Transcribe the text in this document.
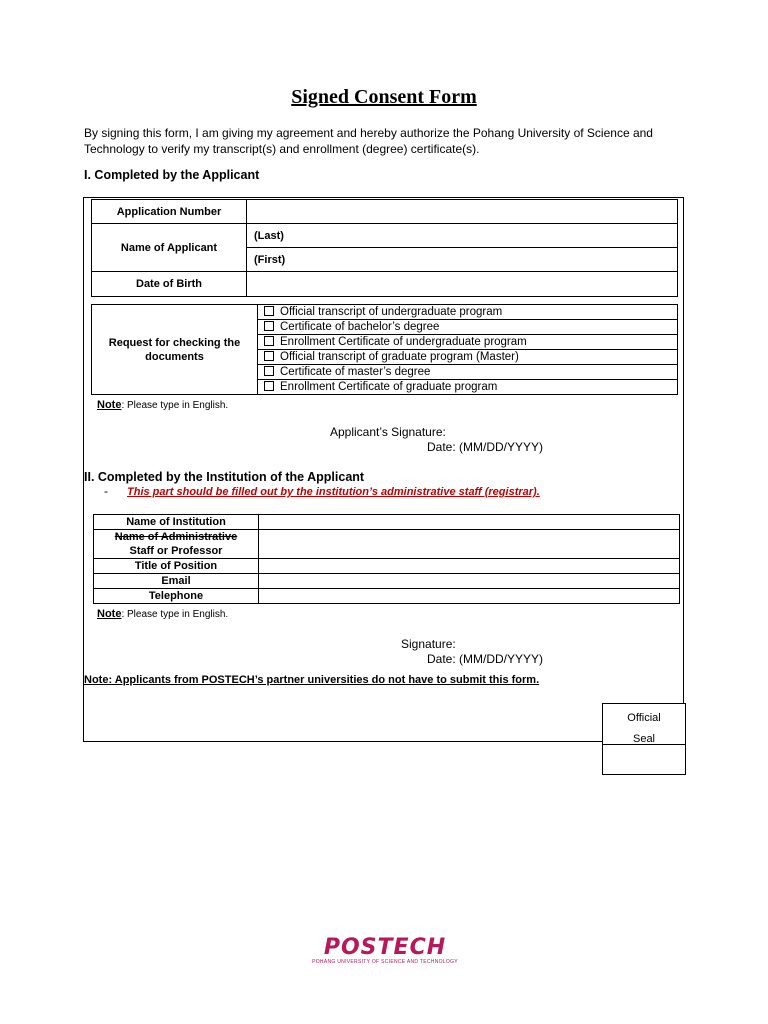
Signed Consent Form
By signing this form, I am giving my agreement and hereby authorize the Pohang University of Science and Technology to verify my transcript(s) and enrollment (degree) certificate(s).
I. Completed by the Applicant
Application Number	
Name of Applicant	(Last)
	(First)
Date of Birth	
Request for checking the documents	Official transcript of undergraduate program
Certificate of bachelor’s degree
Enrollment Certificate of undergraduate program
Official transcript of graduate program (Master)
Certificate of master’s degree
Enrollment Certificate of graduate program
Note: Please type in English.
Applicant’s Signature:
Date: (MM/DD/YYYY)
II. Completed by the Institution of the Applicant
- This part should be filled out by the institution’s administrative staff (registrar).
Name of Institution	
Name of Administrative	
Staff or Professor	
Title of Position	
Email	
Telephone	
Note: Please type in English.
Signature:
Date: (MM/DD/YYYY)
Note: Applicants from POSTECH’s partner universities do not have to submit this form.
Official
Seal
POSTECH
POHANG UNIVERSITY OF SCIENCE AND TECHNOLOGY
